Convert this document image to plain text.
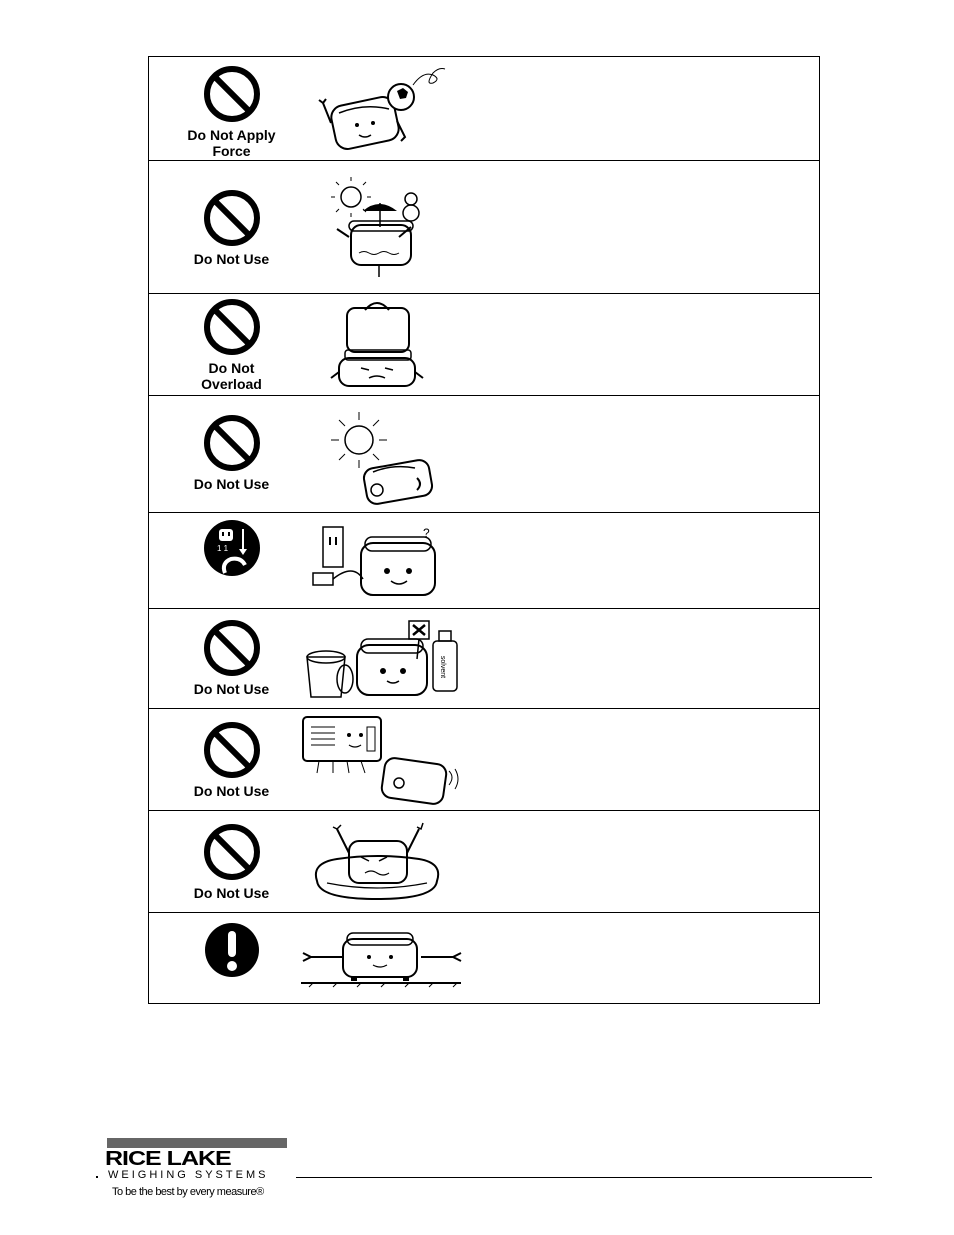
Do Not Apply Force
Do Not Use
Do Not Overload
Do Not Use
1 1
?
Do Not Use
solvent
Do Not Use
Do Not Use
RICE LAKE
WEIGHING SYSTEMS
To be the best by every measure®
